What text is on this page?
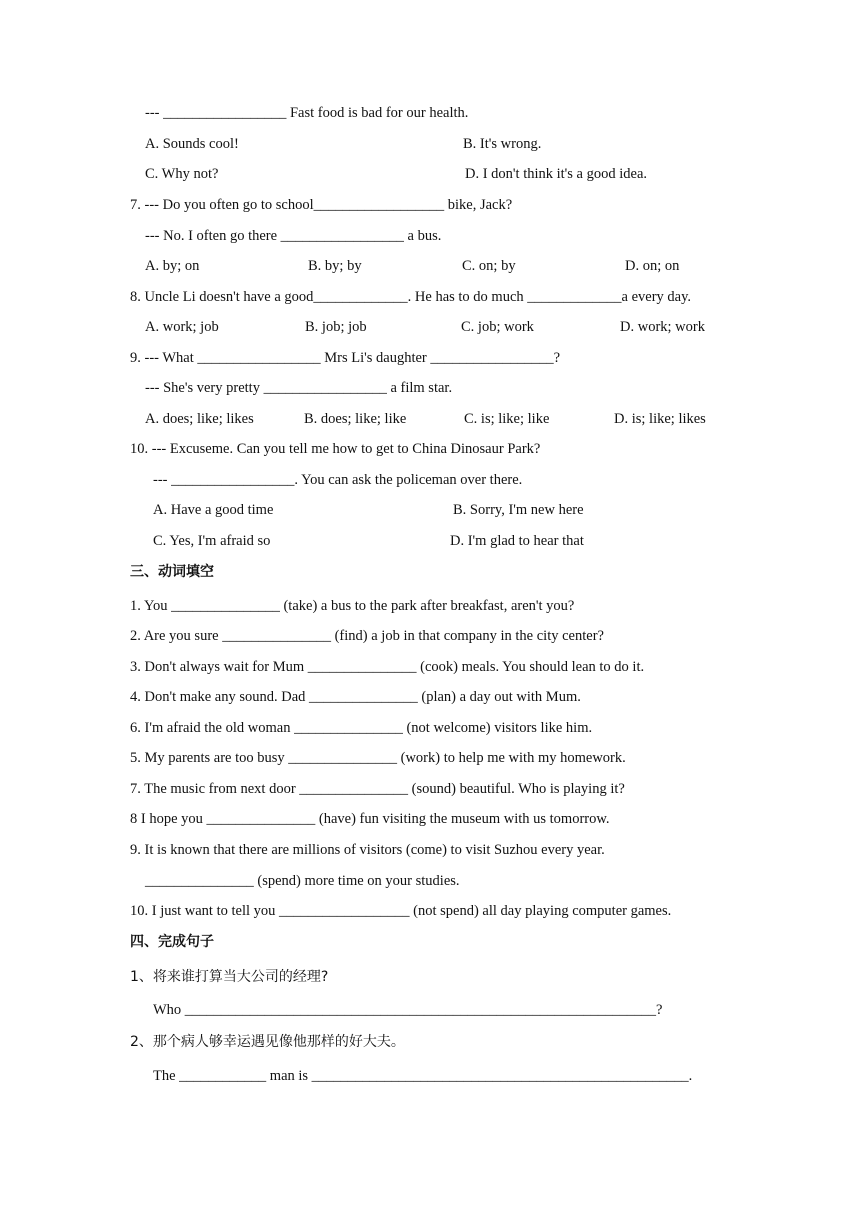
--- _________________ Fast food is bad for our health.
A. Sounds cool!	B. It's wrong.
C. Why not?	D. I don't think it's a good idea.
7. --- Do you often go to school__________________ bike, Jack?
--- No. I often go there _________________ a bus.
A. by; on	B. by; by	C. on; by	D. on; on
8. Uncle Li doesn't have a good_____________. He has to do much _____________a every day.
A. work; job	B. job; job	C. job; work	D. work; work
9. --- What _________________ Mrs Li's daughter _________________?
--- She's very pretty _________________ a film star.
A. does; like; likes	B. does; like; like	C. is; like; like	D. is; like; likes
10. --- Excuseme. Can you tell me how to get to China Dinosaur Park?
--- _________________. You can ask the policeman over there.
A. Have a good time	B. Sorry, I'm new here
C. Yes, I'm afraid so	D. I'm glad to hear that
三、动词填空
1. You _______________ (take) a bus to the park after breakfast, aren't you?
2. Are you sure _______________ (find) a job in that company in the city center?
3. Don't always wait for Mum _______________ (cook) meals. You should lean to do it.
4. Don't make any sound. Dad _______________ (plan) a day out with Mum.
6. I'm afraid the old woman _______________ (not welcome) visitors like him.
5. My parents are too busy _______________ (work) to help me with my homework.
7. The music from next door _______________ (sound) beautiful. Who is playing it?
8 I hope you _______________ (have) fun visiting the museum with us tomorrow.
9. It is known that there are millions of visitors (come) to visit Suzhou every year.
_______________ (spend) more time on your studies.
10. I just want to tell you __________________ (not spend) all day playing computer games.
四、完成句子
1、将来谁打算当大公司的经理?
Who _________________________________________________________________?
2、那个病人够幸运遇见像他那样的好大夫。
The ____________ man is ____________________________________________________.
